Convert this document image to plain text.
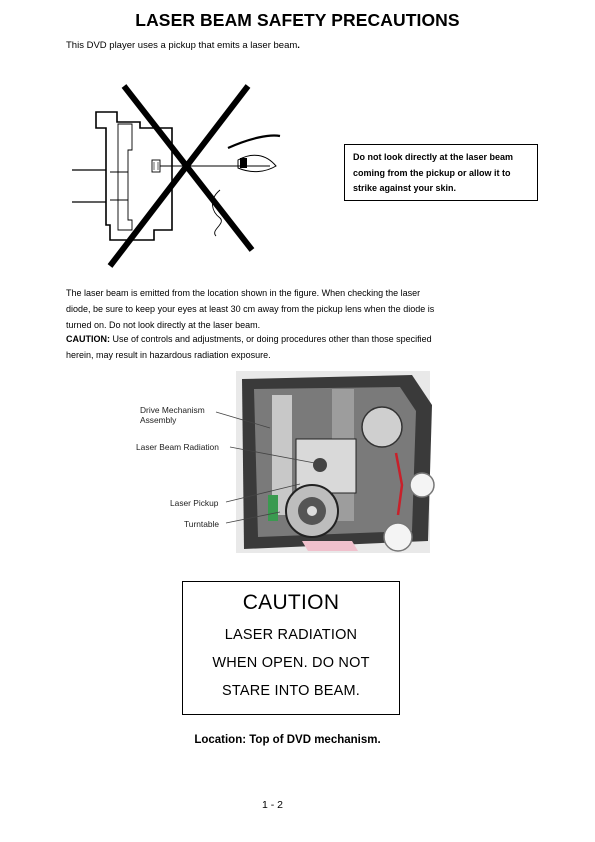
LASER BEAM SAFETY PRECAUTIONS
This DVD player uses a pickup that emits a laser beam.
Do not look directly at the laser beam
coming from the pickup or allow it to
strike against your skin.
The laser beam is emitted from the location shown in the figure. When checking the laser
diode, be sure to keep your eyes at least 30 cm away from the pickup lens when the diode is
turned on. Do not look directly at the laser beam.
CAUTION: Use of controls and adjustments, or doing procedures other than those specified
herein, may result in hazardous radiation exposure.
Drive Mechanism
Assembly
Laser Beam Radiation
Laser Pickup
Turntable
CAUTION
LASER RADIATION
WHEN OPEN. DO NOT
STARE INTO BEAM.
Location: Top of DVD mechanism.
1 - 2
